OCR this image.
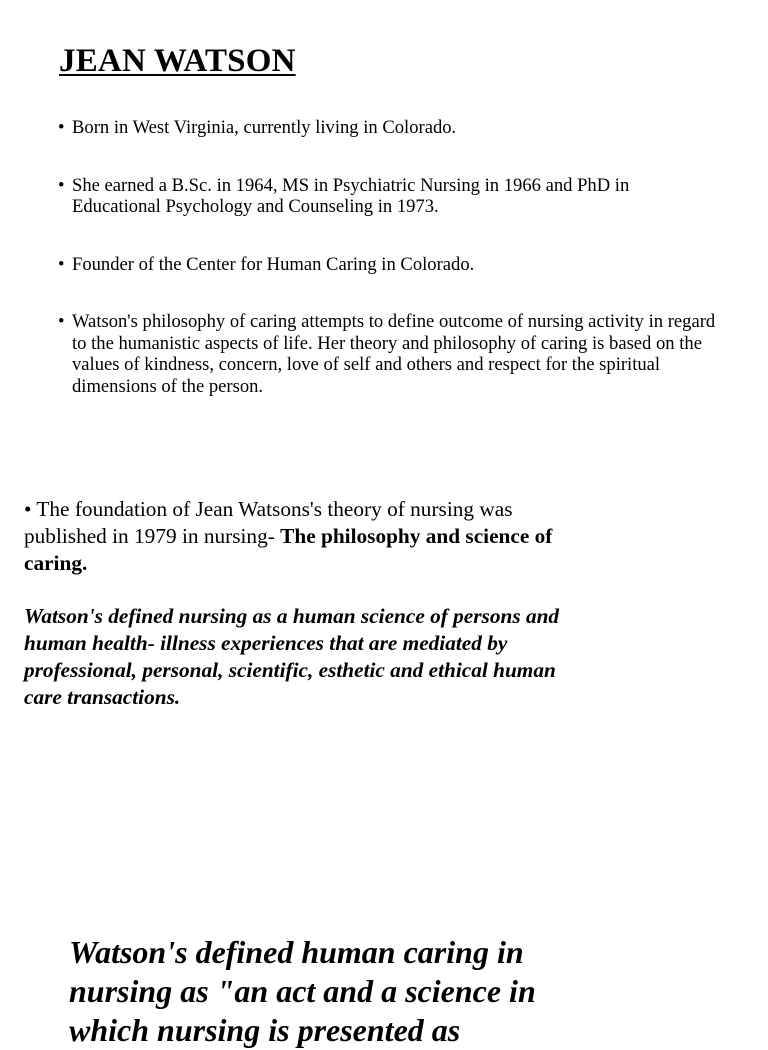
JEAN WATSON
• Born in West Virginia, currently living in Colorado.
• She earned a B.Sc. in 1964, MS in Psychiatric Nursing in 1966 and PhD in Educational Psychology and Counseling in 1973.
• Founder of the Center for Human Caring in Colorado.
• Watson's philosophy of caring attempts to define outcome of nursing activity in regard to the humanistic aspects of life. Her theory and philosophy of caring is based on the values of kindness, concern, love of self and others and respect for the spiritual dimensions of the person.

• The foundation of Jean Watsons's theory of nursing was published in 1979 in nursing- The philosophy and science of caring.

Watson's defined nursing as a human science of persons and human health- illness experiences that are mediated by professional, personal, scientific, esthetic and ethical human care transactions.

Watson's defined human caring in nursing as "an act and a science in which nursing is presented as
